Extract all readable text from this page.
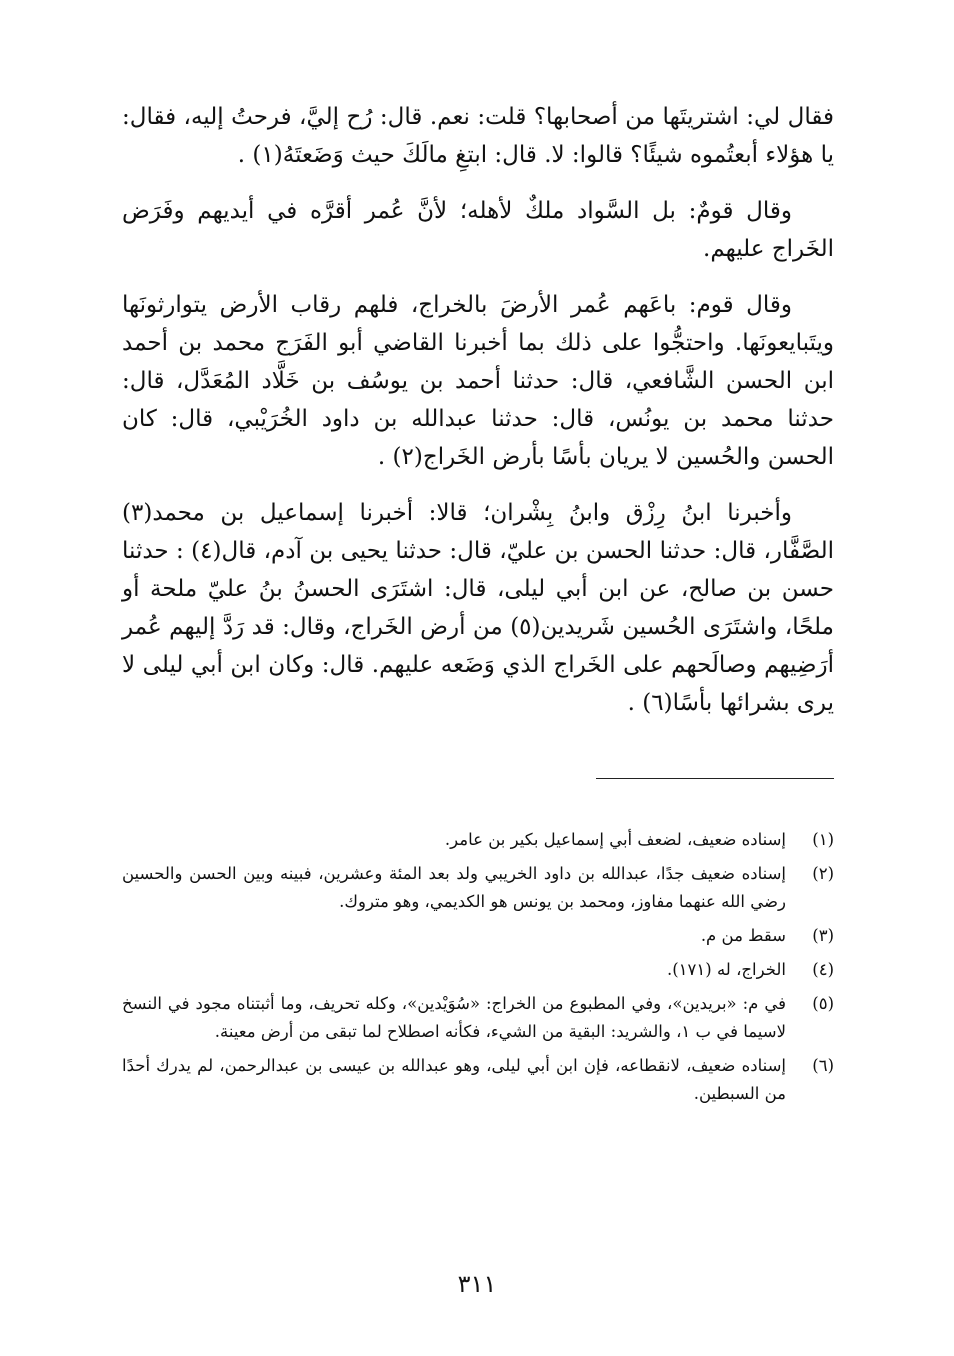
فقال لي: اشتريتَها من أصحابها؟ قلت: نعم. قال: رُح إليَّ، فرحتُ إليه، فقال: يا هؤلاء أبعتُموه شيئًا؟ قالوا: لا. قال: ابتغِ مالَكَ حيث وَضَعتَهُ(١) .

وقال قومٌ: بل السَّواد ملكٌ لأهله؛ لأنَّ عُمر أقرَّه في أيديهم وفَرَض الخَراج عليهم.

وقال قوم: باعَهم عُمر الأرضَ بالخراج، فلهم رقاب الأرض يتوارثونَها ويتَبايعونَها. واحتجُّوا على ذلك بما أخبرنا القاضي أبو الفَرَج محمد بن أحمد ابن الحسن الشَّافعي، قال: حدثنا أحمد بن يوسُف بن خَلَّاد المُعَدَّل، قال: حدثنا محمد بن يونُس، قال: حدثنا عبدالله بن داود الخُرَيْبي، قال: كان الحسن والحُسين لا يريان بأسًا بأرض الخَراج(٢) .

وأخبرنا ابنُ رِزْق وابنُ بِشْران؛ قالا: أخبرنا إسماعيل بن محمد(٣) الصَّفَّار، قال: حدثنا الحسن بن عليّ، قال: حدثنا يحيى بن آدم، قال(٤) : حدثنا حسن بن صالح، عن ابن أبي ليلى، قال: اشتَرَى الحسنُ بنُ عليّ ملحة أو ملحًا، واشتَرَى الحُسين شَريدين(٥) من أرض الخَراج، وقال: قد رَدَّ إليهم عُمر أرَضِيهم وصالَحهم على الخَراج الذي وَضَعه عليهم. قال: وكان ابن أبي ليلى لا يرى بشرائها بأسًا(٦) .

(١)
إسناده ضعيف، لضعف أبي إسماعيل بكير بن عامر.
(٢)
إسناده ضعيف جدًا، عبدالله بن داود الخريبي ولد بعد المئة وعشرين، فبينه وبين الحسن والحسين رضي الله عنهما مفاوز، ومحمد بن يونس هو الكديمي، وهو متروك.
(٣)
سقط من م.
(٤)
الخراج، له (١٧١).
(٥)
في م: «بريدين»، وفي المطبوع من الخراج: «سُوَيْدين»، وكله تحريف، وما أثبتناه مجود في النسخ لاسيما في ب ١، والشريد: البقية من الشيء، فكأنه اصطلاح لما تبقى من أرض معينة.
(٦)
إسناده ضعيف، لانقطاعه، فإن ابن أبي ليلى، وهو عبدالله بن عيسى بن عبدالرحمن، لم يدرك أحدًا من السبطين.
٣١١
